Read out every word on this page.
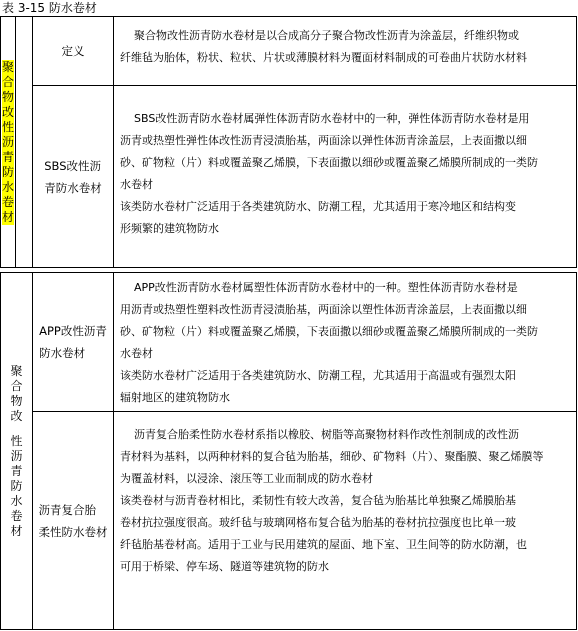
表 3-15 防水卷材
聚
合
物
改
性
沥
青
防
水
卷
材
定义
聚合物改性沥青防水卷材是以合成高分子聚合物改性沥青为涂盖层，纤维织物或
纤维毡为胎体，粉状、粒状、片状或薄膜材料为覆面材料制成的可卷曲片状防水材料
SBS改性沥
青防水卷材
SBS改性沥青防水卷材属弹性体沥青防水卷材中的一种，弹性体沥青防水卷材是用
沥青或热塑性弹性体改性沥青浸渍胎基，两面涂以弹性体沥青涂盖层，上表面撒以细
砂、矿物粒（片）料或覆盖聚乙烯膜，下表面撒以细砂或覆盖聚乙烯膜所制成的一类防
水卷材
该类防水卷材广泛适用于各类建筑防水、防潮工程，尤其适用于寒冷地区和结构变
形频繁的建筑物防水
聚
合
物
改
性
沥
青
防
水
卷
材
APP改性沥青
防水卷材
APP改性沥青防水卷材属塑性体沥青防水卷材中的一种。塑性体沥青防水卷材是
用沥青或热塑性塑料改性沥青浸渍胎基，两面涂以塑性体沥青涂盖层，上表面撒以细
砂、矿物粒（片）料或覆盖聚乙烯膜，下表面撒以细砂或覆盖聚乙烯膜所制成的一类防
水卷材
该类防水卷材广泛适用于各类建筑防水、防潮工程，尤其适用于高温或有强烈太阳
辐射地区的建筑物防水
沥青复合胎
柔性防水卷材
沥青复合胎柔性防水卷材系指以橡胶、树脂等高聚物材料作改性剂制成的改性沥
青材料为基料，以两种材料的复合毡为胎基，细砂、矿物料（片）、聚酯膜、聚乙烯膜等
为覆盖材料，以浸涂、滚压等工业而制成的防水卷材
该类卷材与沥青卷材相比，柔韧性有较大改善，复合毡为胎基比单独聚乙烯膜胎基
卷材抗拉强度很高。玻纤毡与玻璃网格布复合毡为胎基的卷材抗拉强度也比单一玻
纤毡胎基卷材高。适用于工业与民用建筑的屋面、地下室、卫生间等的防水防潮，也
可用于桥梁、停车场、隧道等建筑物的防水
